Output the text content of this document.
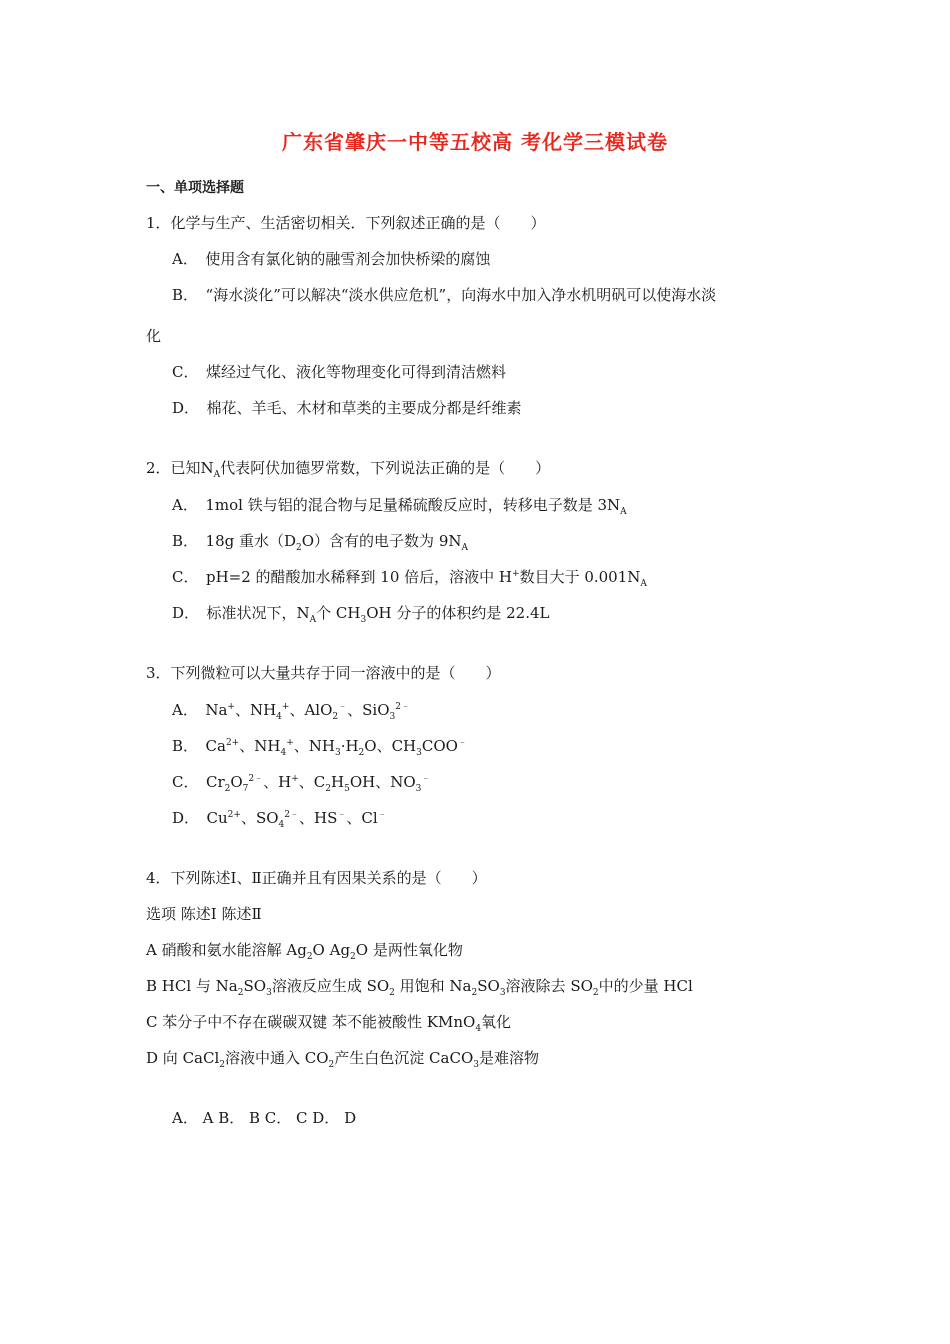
广东省肇庆一中等五校高 考化学三模试卷
一、单项选择题
1．化学与生产、生活密切相关．下列叙述正确的是（　　）
A．　使用含有氯化钠的融雪剂会加快桥梁的腐蚀
B．　“海水淡化”可以解决“淡水供应危机”，向海水中加入净水机明矾可以使海水淡
化
C．　煤经过气化、液化等物理变化可得到清洁燃料
D．　棉花、羊毛、木材和草类的主要成分都是纤维素
2．已知$N_A$代表阿伏加德罗常数，下列说法正确的是（　　）
A．　1mol 铁与铝的混合物与足量稀硫酸反应时，转移电子数是 $3N_A$
B．　18g 重水$(D_2O)$含有的电子数为 $9N_A$
C．　pH=2 的醋酸加水稀释到 10 倍后，溶液中 H+数目大于 $0.001N_A$
D．　标准状况下，$N_A$个 $CH_3OH$ 分子的体积约是 22.4L
3．下列微粒可以大量共存于同一溶液中的是（　　）
A．　Na+、$NH_4^+$、AlO$_2$﹣、SiO$_3^{2﹣}$
B．　$Ca^{2+}$、$NH_4^+$、$NH_3\cdot H_2O$、$CH_3COO^﹣$
C．　$Cr_2O_7^{2﹣}$、H+、$C_2H_5OH$、$NO_3^﹣$
D．　$Cu^{2+}$、$SO_4^{2﹣}$、HS﹣、Cl﹣
4．下列陈述Ⅰ、Ⅱ正确并且有因果关系的是（　　）
选项 陈述Ⅰ 陈述Ⅱ
A 硝酸和氨水能溶解 $Ag_2O$ $Ag_2O$ 是两性氧化物
B HCl 与 $Na_2SO_3$溶液反应生成 $SO_2$ 用饱和 $Na_2SO_3$溶液除去 $SO_2$中的少量 HCl
C 苯分子中不存在碳碳双键 苯不能被酸性 KMnO$_4$氧化
D 向 CaCl$_2$溶液中通入 $CO_2$产生白色沉淀 CaCO$_3$是难溶物
A． A B． B C． C D． D
